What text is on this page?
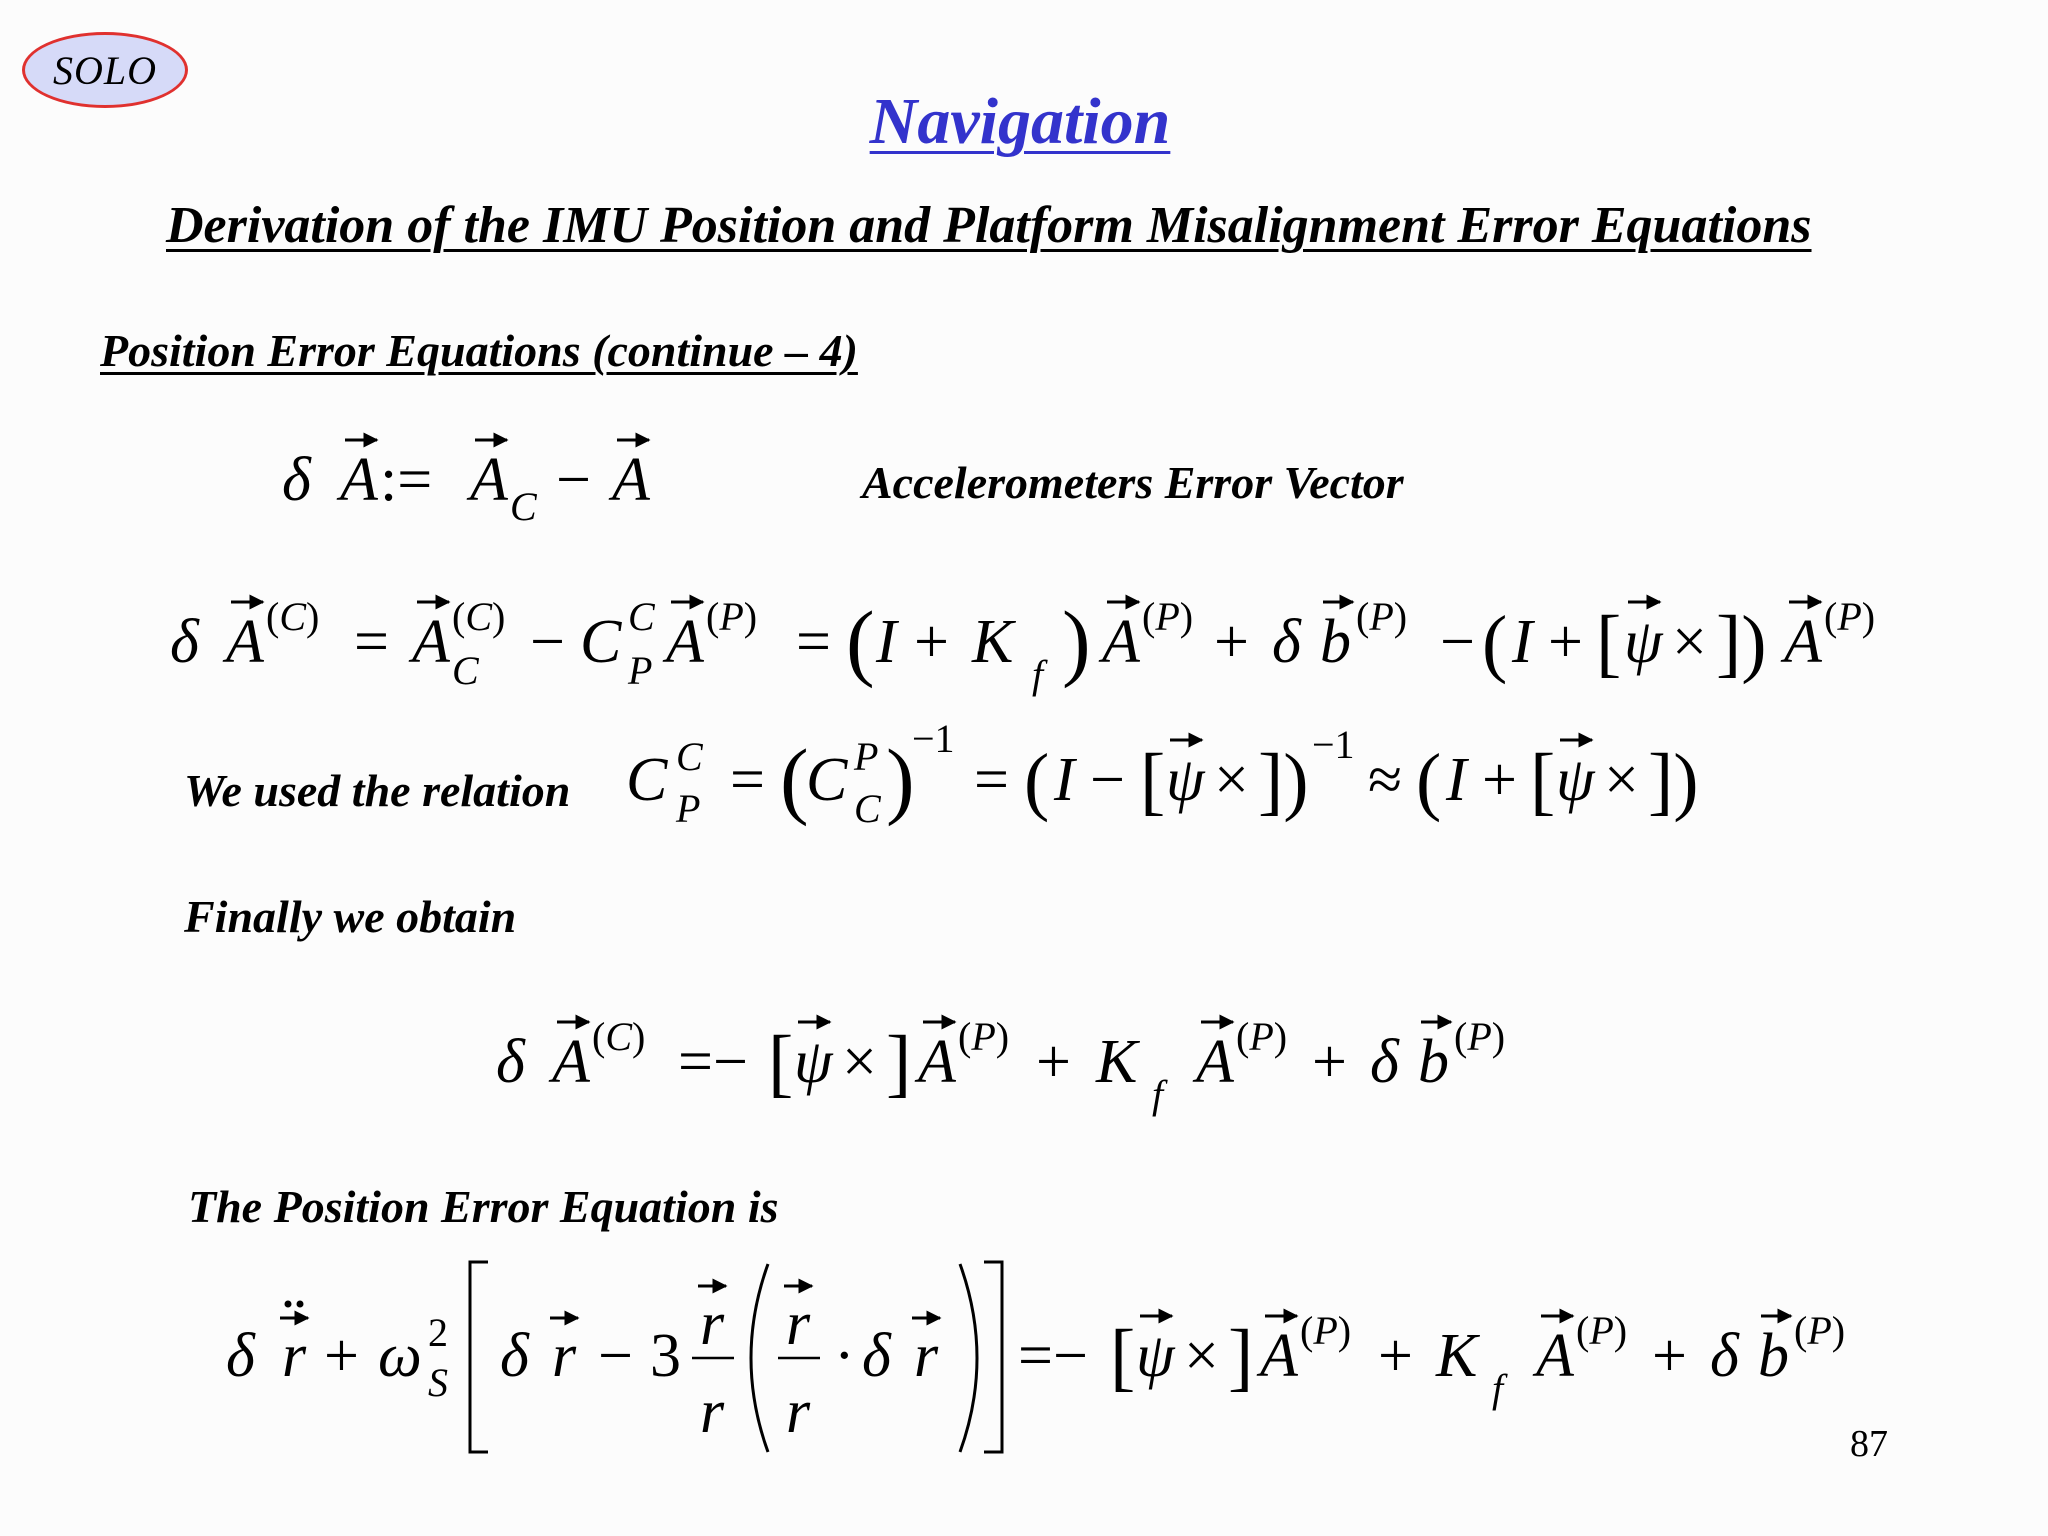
SOLO
Navigation
Derivation of the IMU Position and Platform Misalignment Error Equations
Position Error Equations (continue – 4)
Accelerometers Error Vector
We used the relation
Finally we obtain
The Position Error Equation is
δ A := A C − A
δ A (C) = A (C)
C − C C
P A (P) = ( I + K f ) A (P) + δ b (P) − ( I + [ ψ × ]) A (P)
C C
P = (
C P
C )
−1
= ( I − [ ψ × ]) −1
≈ ( I + [ ψ × ])
δ A (C) =− [ ψ × ] A (P) + K f A (P) + δ b (P)
δ r + ω 2
S δ r − 3 r
r
r
r
· δ r =− [ ψ × ] A (P) + K f A (P) + δ b (P)
87
